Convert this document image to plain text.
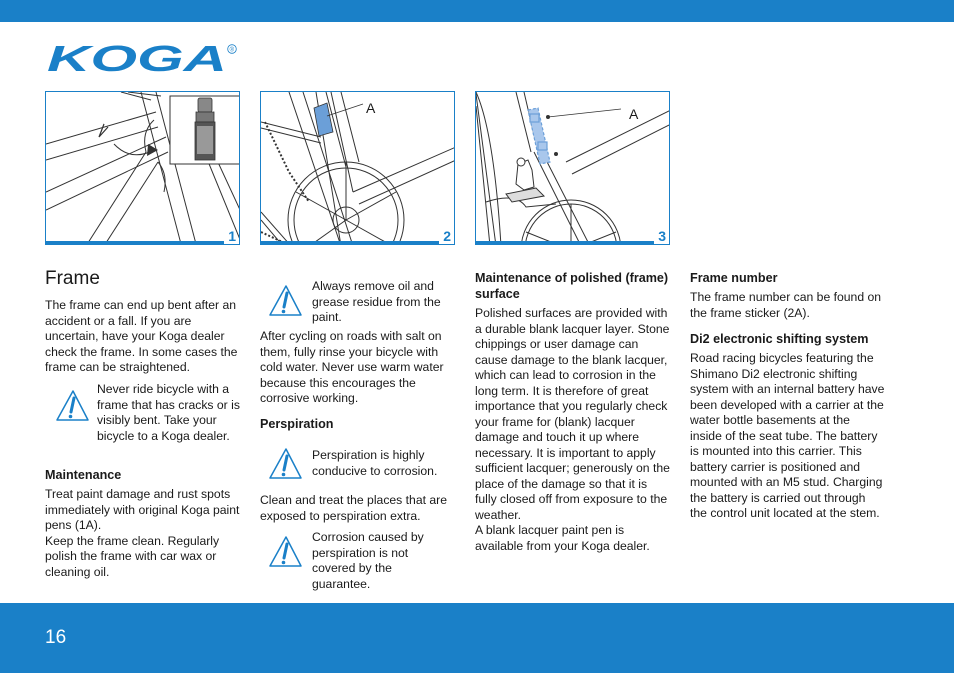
KOGA ®
1
A
2
A
3
Frame

The frame can end up bent after an accident or a fall. If you are uncertain, have your Koga dealer check the frame. In some cases the frame can be straightened.

Never ride bicycle with a frame that has cracks or is visibly bent. Take your bicycle to a Koga dealer.
Maintenance

Treat paint damage and rust spots immediately with original Koga paint pens (1A).

Keep the frame clean. Regularly polish the frame with car wax or cleaning oil.

Always remove oil and grease residue from the paint.

After cycling on roads with salt on them, fully rinse your bicycle with cold water. Never use warm water because this encourages the corrosive working.

Perspiration
Perspiration is highly conducive to corrosion.

Clean and treat the places that are exposed to perspiration extra.

Corrosion caused by perspiration is not covered by the guarantee.
Maintenance of polished (frame) surface

Polished surfaces are provided with a durable blank lacquer layer. Stone chippings or user damage can cause damage to the blank lacquer, which can lead to corrosion in the long term. It is therefore of great importance that you regularly check your frame for (blank) lacquer damage and touch it up where necessary. It is important to apply sufficient lacquer; generously on the place of the damage so that it is fully closed off from exposure to the weather.

A blank lacquer paint pen is available from your Koga dealer.

Frame number

The frame number can be found on the frame sticker (2A).

Di2 electronic shifting system

Road racing bicycles featuring the Shimano Di2 electronic shifting system with an internal battery have been developed with a carrier at the water bottle basements at the inside of the seat tube. The battery is mounted into this carrier. This battery carrier is positioned and mounted with an M5 stud. Charging the battery is carried out through the control unit located at the stem.

16
